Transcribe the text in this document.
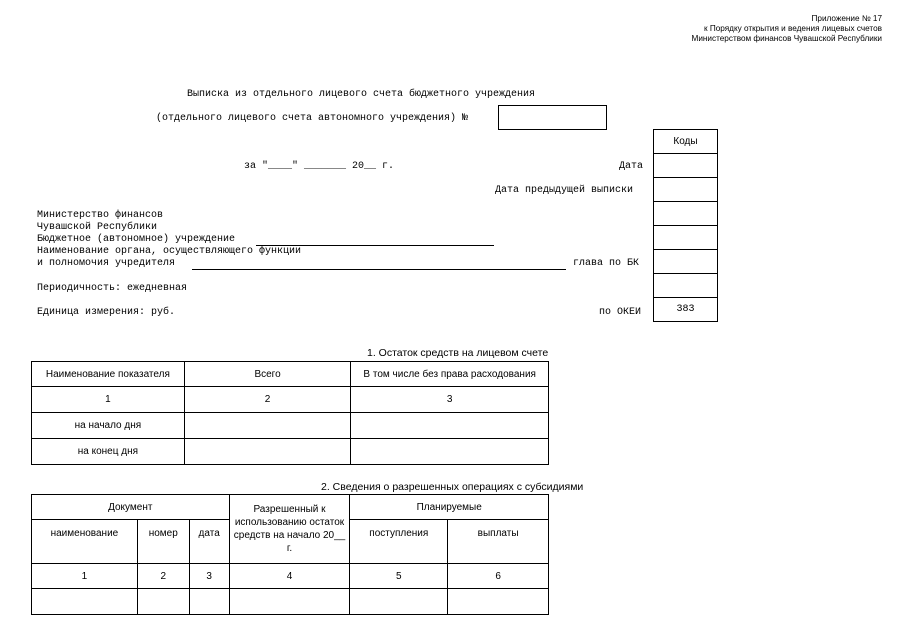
Приложение № 17
к Порядку открытия и ведения лицевых счетов
Министерством финансов Чувашской Республики
Выписка из отдельного лицевого счета бюджетного учреждения
(отдельного лицевого счета автономного учреждения) №
за "____" _______ 20__ г.	Дата
Дата предыдущей выписки
Коды
383
Министерство финансов
Чувашской Республики
Бюджетное (автономное) учреждение
Наименование органа, осуществляющего функции
и полномочия учредителя	глава по БК
Периодичность: ежедневная
Единица измерения: руб.	по ОКЕИ
1. Остаток средств на лицевом счете
Наименование показателя	Всего	В том числе без права расходования
1	2	3
на начало дня		
на конец дня		
2. Сведения о разрешенных операциях с субсидиями
Документ			Разрешенный к использованию остаток средств на начало 20__ г.	Планируемые	
наименование	номер	дата		поступления	выплаты
1	2	3	4	5	6
